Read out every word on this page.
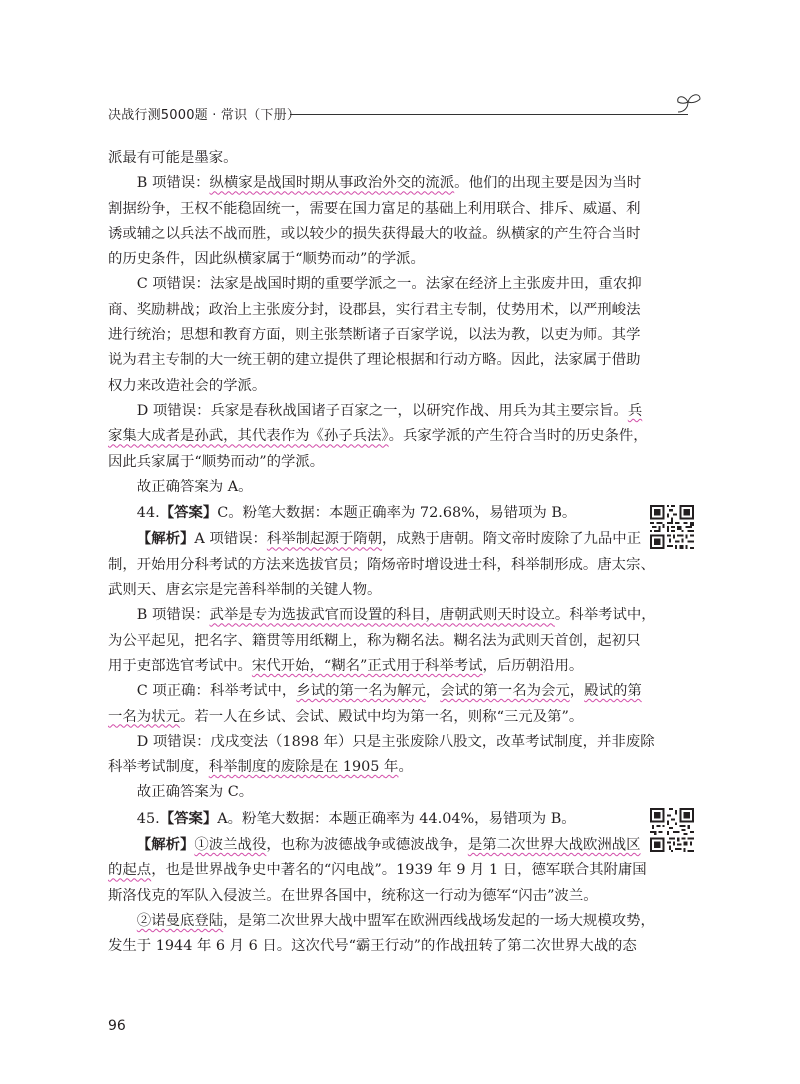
决战行测5000题 · 常识（下册）

派最有可能是墨家。

B 项错误：纵横家是战国时期从事政治外交的流派。他们的出现主要是因为当时
割据纷争，王权不能稳固统一，需要在国力富足的基础上利用联合、排斥、威逼、利
诱或辅之以兵法不战而胜，或以较少的损失获得最大的收益。纵横家的产生符合当时
的历史条件，因此纵横家属于“顺势而动”的学派。

C 项错误：法家是战国时期的重要学派之一。法家在经济上主张废井田，重农抑
商、奖励耕战；政治上主张废分封，设郡县，实行君主专制，仗势用术，以严刑峻法
进行统治；思想和教育方面，则主张禁断诸子百家学说，以法为教，以吏为师。其学
说为君主专制的大一统王朝的建立提供了理论根据和行动方略。因此，法家属于借助
权力来改造社会的学派。

D 项错误：兵家是春秋战国诸子百家之一，以研究作战、用兵为其主要宗旨。兵
家集大成者是孙武，其代表作为《孙子兵法》。兵家学派的产生符合当时的历史条件，
因此兵家属于“顺势而动”的学派。

故正确答案为 A。

44.【答案】C。粉笔大数据：本题正确率为 72.68%，易错项为 B。

【解析】A 项错误：科举制起源于隋朝，成熟于唐朝。隋文帝时废除了九品中正
制，开始用分科考试的方法来选拔官员；隋炀帝时增设进士科，科举制形成。唐太宗、
武则天、唐玄宗是完善科举制的关键人物。

B 项错误：武举是专为选拔武官而设置的科目，唐朝武则天时设立。科举考试中，
为公平起见，把名字、籍贯等用纸糊上，称为糊名法。糊名法为武则天首创，起初只
用于吏部选官考试中。宋代开始，“糊名”正式用于科举考试，后历朝沿用。

C 项正确：科举考试中，乡试的第一名为解元，会试的第一名为会元，殿试的第
一名为状元。若一人在乡试、会试、殿试中均为第一名，则称“三元及第”。

D 项错误：戊戌变法（1898 年）只是主张废除八股文，改革考试制度，并非废除
科举考试制度，科举制度的废除是在 1905 年。

故正确答案为 C。

45.【答案】A。粉笔大数据：本题正确率为 44.04%，易错项为 B。

【解析】①波兰战役，也称为波德战争或德波战争，是第二次世界大战欧洲战区
的起点，也是世界战争史中著名的“闪电战”。1939 年 9 月 1 日，德军联合其附庸国
斯洛伐克的军队入侵波兰。在世界各国中，统称这一行动为德军“闪击”波兰。

②诺曼底登陆，是第二次世界大战中盟军在欧洲西线战场发起的一场大规模攻势，
发生于 1944 年 6 月 6 日。这次代号“霸王行动”的作战扭转了第二次世界大战的态

96
